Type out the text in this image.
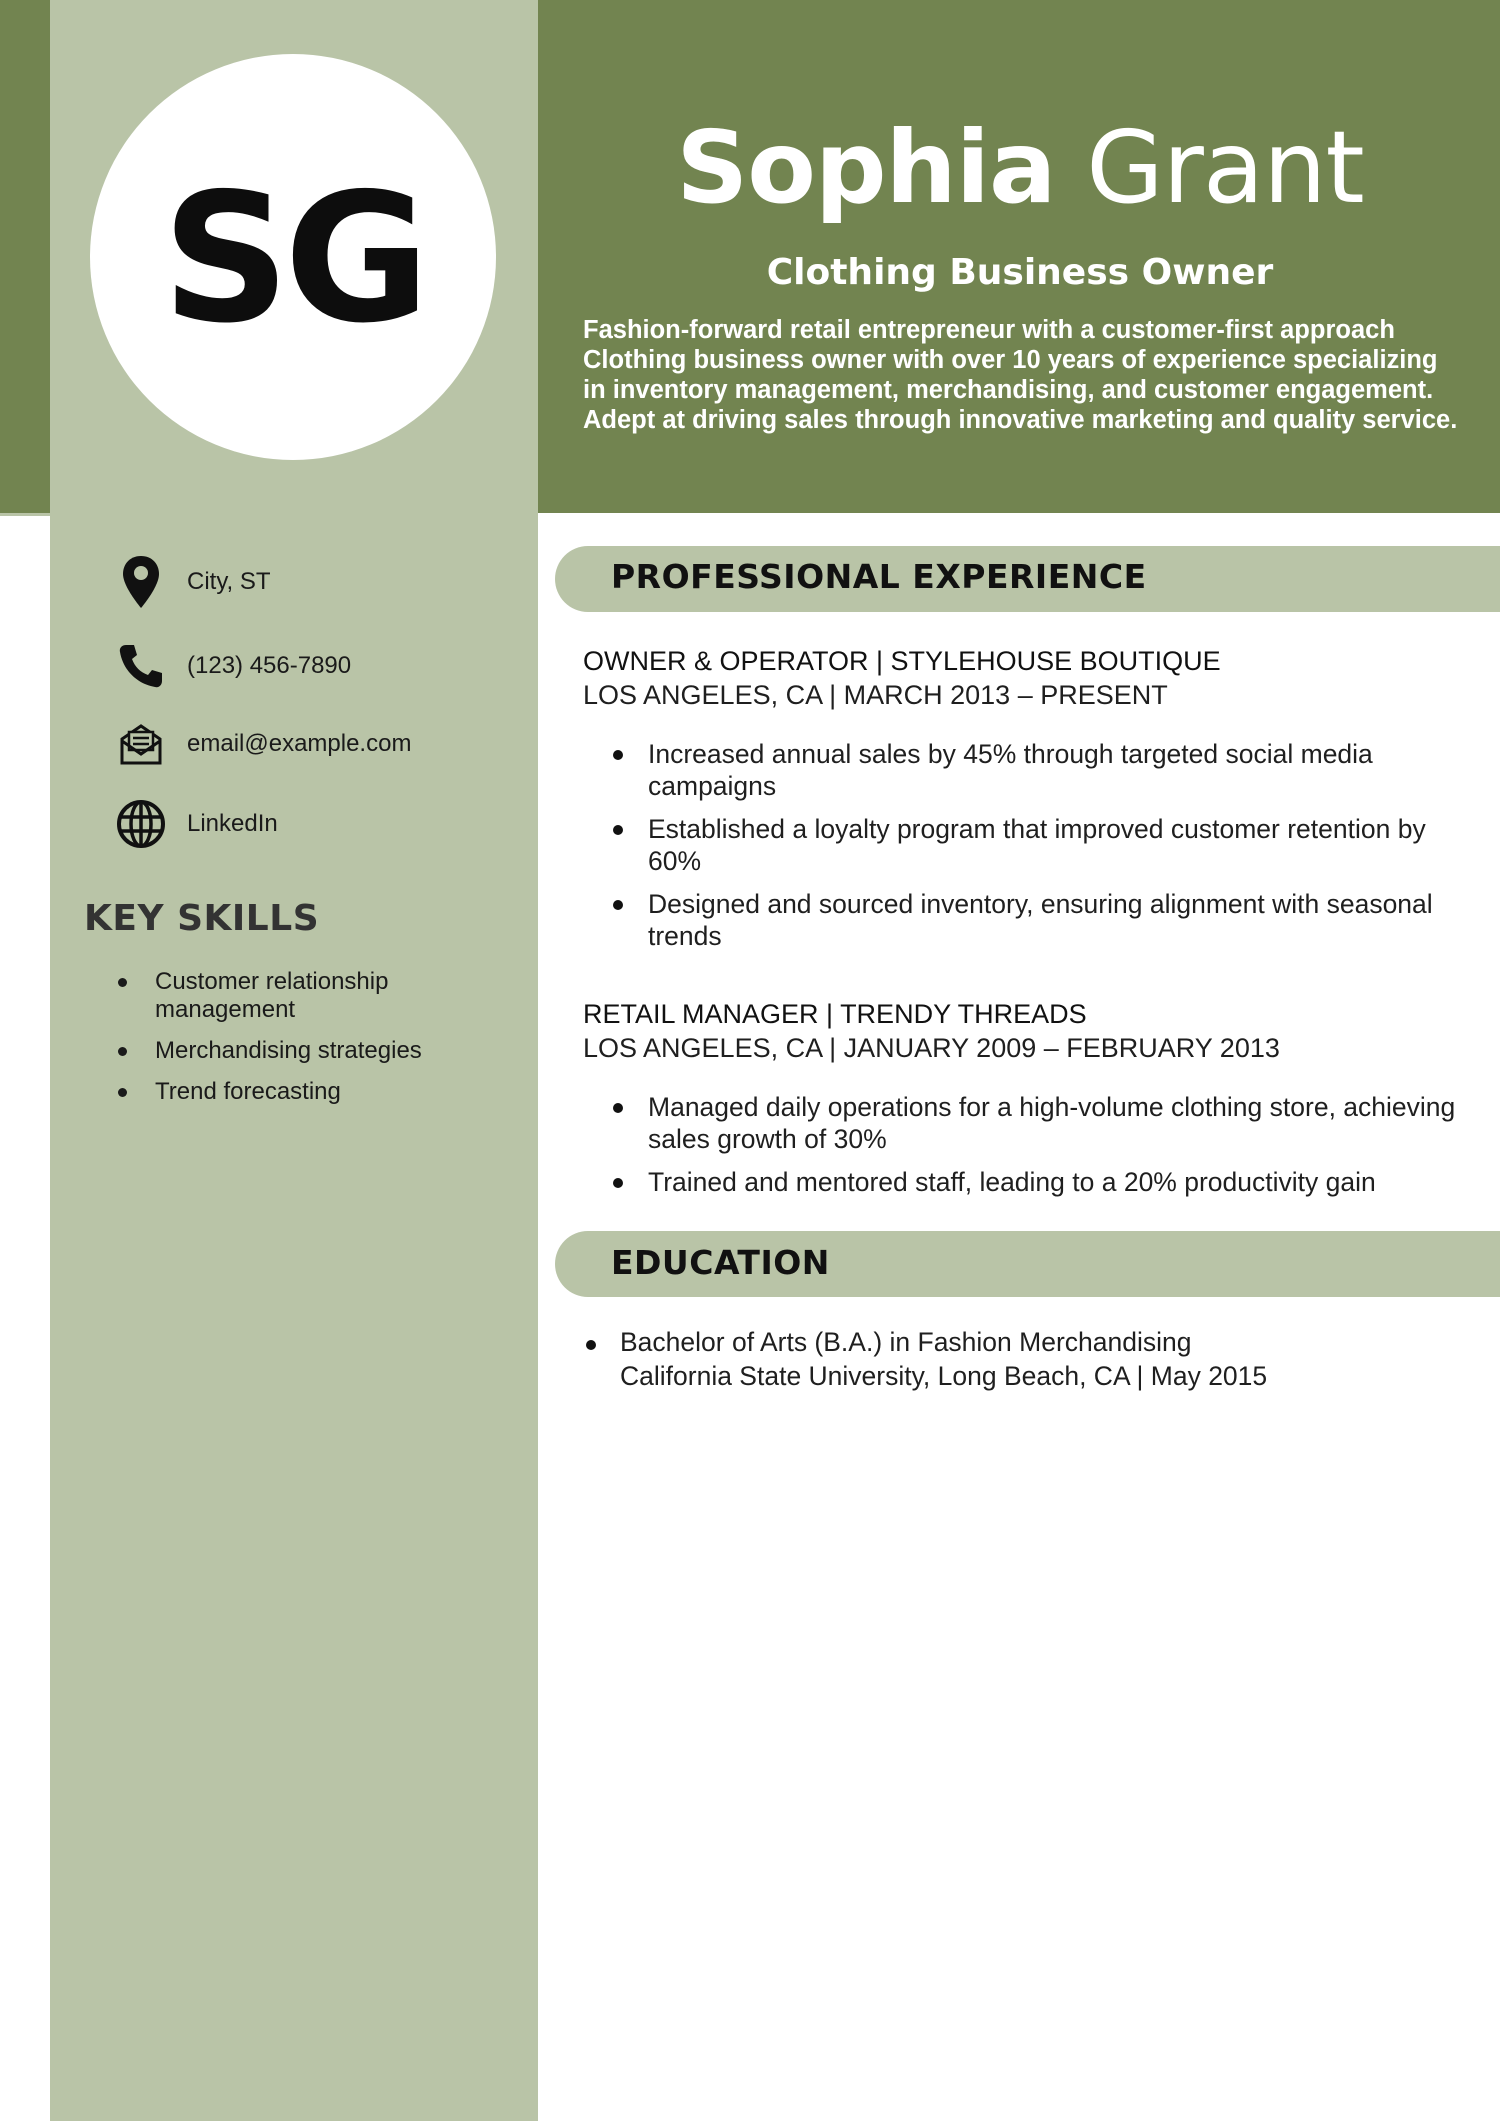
SG	Sophia Grant
Clothing Business Owner
Fashion-forward retail entrepreneur with a customer-first approach
Clothing business owner with over 10 years of experience specializing
in inventory management, merchandising, and customer engagement.
Adept at driving sales through innovative marketing and quality service.
City, ST
(123) 456-7890
email@example.com
LinkedIn
KEY SKILLS
Customer relationship management
Merchandising strategies
Trend forecasting
PROFESSIONAL EXPERIENCE
OWNER & OPERATOR | STYLEHOUSE BOUTIQUE
LOS ANGELES, CA | MARCH 2013 – PRESENT
Increased annual sales by 45% through targeted social media campaigns
Established a loyalty program that improved customer retention by 60%
Designed and sourced inventory, ensuring alignment with seasonal trends
RETAIL MANAGER | TRENDY THREADS
LOS ANGELES, CA | JANUARY 2009 – FEBRUARY 2013
Managed daily operations for a high-volume clothing store, achieving sales growth of 30%
Trained and mentored staff, leading to a 20% productivity gain
EDUCATION
Bachelor of Arts (B.A.) in Fashion Merchandising
California State University, Long Beach, CA | May 2015
